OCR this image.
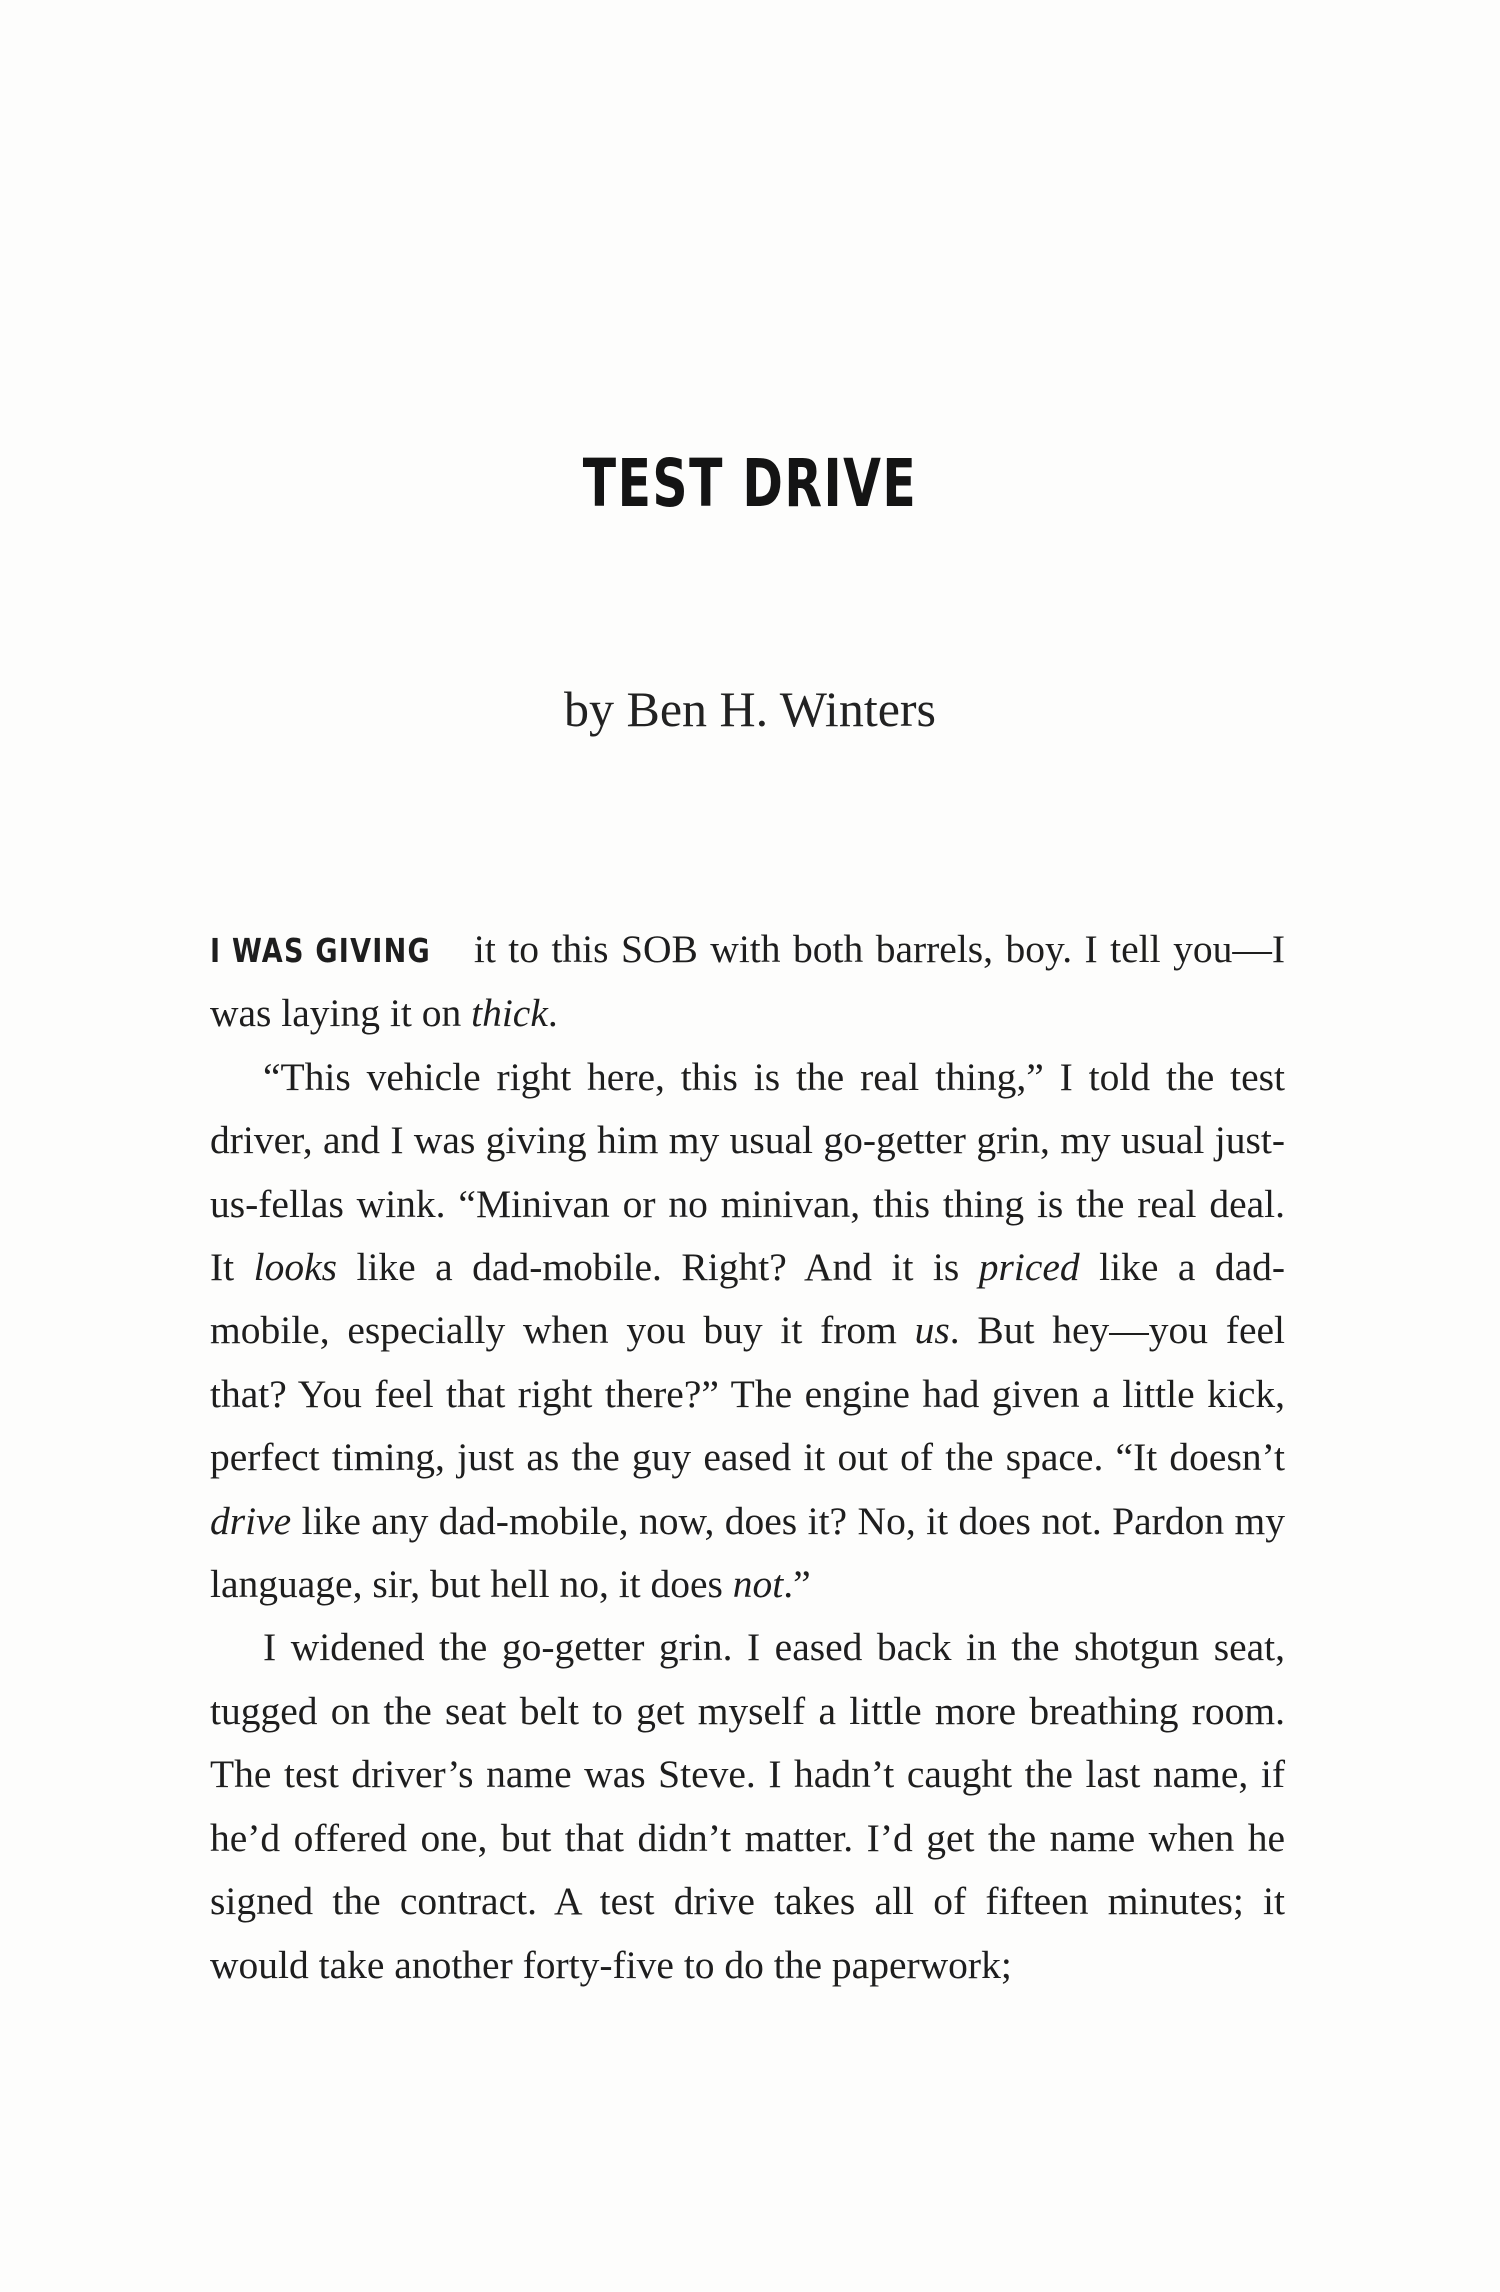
TEST DRIVE

by Ben H. Winters

I WAS GIVING it to this SOB with both barrels, boy. I tell you—I was laying it on thick.

“This vehicle right here, this is the real thing,” I told the test driver, and I was giving him my usual go-getter grin, my usual just-us-fellas wink. “Minivan or no minivan, this thing is the real deal. It looks like a dad-mobile. Right? And it is priced like a dad-mobile, especially when you buy it from us. But hey—you feel that? You feel that right there?” The engine had given a little kick, perfect timing, just as the guy eased it out of the space. “It doesn’t drive like any dad-mobile, now, does it? No, it does not. Pardon my language, sir, but hell no, it does not.”

I widened the go-getter grin. I eased back in the shotgun seat, tugged on the seat belt to get myself a little more breathing room. The test driver’s name was Steve. I hadn’t caught the last name, if he’d offered one, but that didn’t matter. I’d get the name when he signed the contract. A test drive takes all of fifteen minutes; it would take another forty-five to do the paperwork;
